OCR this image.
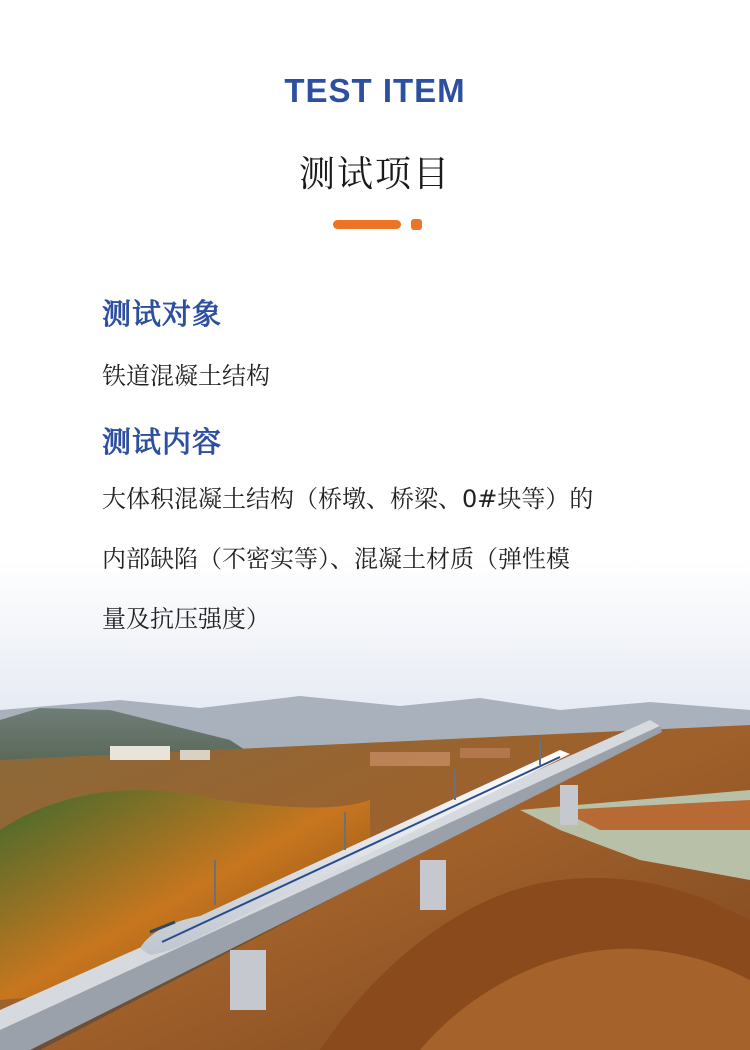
TEST ITEM
测试项目
测试对象
铁道混凝土结构
测试内容
大体积混凝土结构（桥墩、桥梁、0#块等）的
内部缺陷（不密实等）、混凝土材质（弹性模
量及抗压强度）
